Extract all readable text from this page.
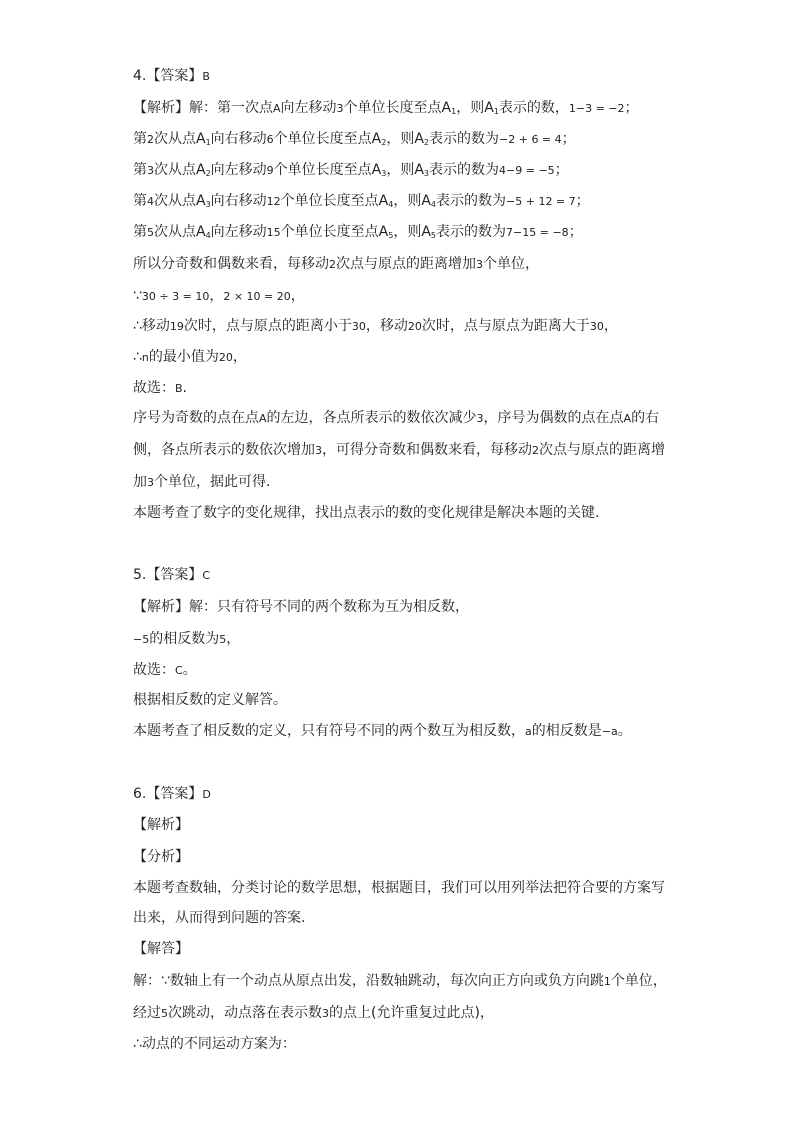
4.【答案】B
【解析】解：第一次点A向左移动3个单位长度至点$A_1$，则$A_1$表示的数，1−3 = −2；
第2次从点$A_1$向右移动6个单位长度至点$A_2$，则$A_2$表示的数为−2 + 6 = 4；
第3次从点$A_2$向左移动9个单位长度至点$A_3$，则$A_3$表示的数为4−9 = −5；
第4次从点$A_3$向右移动12个单位长度至点$A_4$，则$A_4$表示的数为−5 + 12 = 7；
第5次从点$A_4$向左移动15个单位长度至点$A_5$，则$A_5$表示的数为7−15 = −8；
所以分奇数和偶数来看，每移动2次点与原点的距离增加3个单位，
∵30 ÷ 3 = 10，2 × 10 = 20，
∴移动19次时，点与原点的距离小于30，移动20次时，点与原点为距离大于30，
∴n的最小值为20，
故选：B.
序号为奇数的点在点A的左边，各点所表示的数依次减少3，序号为偶数的点在点A的右
侧，各点所表示的数依次增加3，可得分奇数和偶数来看，每移动2次点与原点的距离增
加3个单位，据此可得.
本题考查了数字的变化规律，找出点表示的数的变化规律是解决本题的关键.
5.【答案】C
【解析】解：只有符号不同的两个数称为互为相反数，
−5的相反数为5，
故选：C。
根据相反数的定义解答。
本题考查了相反数的定义，只有符号不同的两个数互为相反数，a的相反数是−a。
6.【答案】D
【解析】
【分析】
本题考查数轴，分类讨论的数学思想，根据题目，我们可以用列举法把符合要的方案写
出来，从而得到问题的答案.
【解答】
解：∵数轴上有一个动点从原点出发，沿数轴跳动，每次向正方向或负方向跳1个单位，
经过5次跳动，动点落在表示数3的点上(允许重复过此点)，
∴动点的不同运动方案为：
